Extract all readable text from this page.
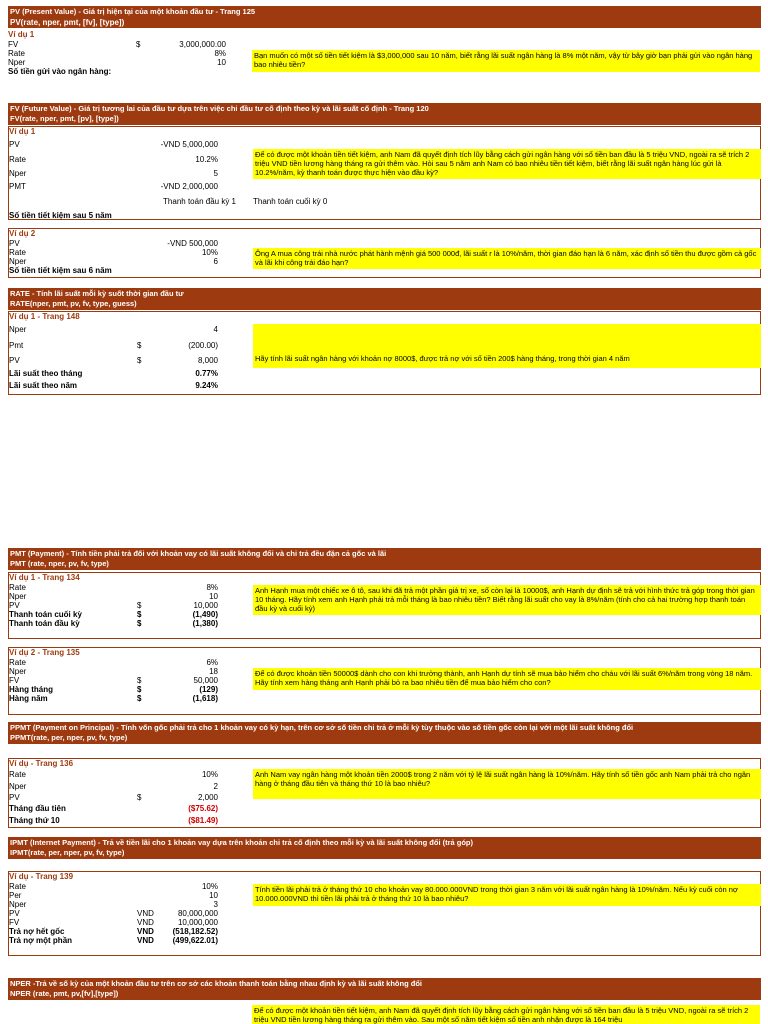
PV (Present Value) - Giá trị hiện tại của một khoản đầu tư - Trang 125
PV(rate, nper, pmt, [fv], [type])
Ví dụ 1
FV	$	3,000,000.00
Rate	8%
Nper	10
Số tiền gửi vào ngân hàng:
Bạn muốn có một số tiền tiết kiệm là $3,000,000 sau 10 năm, biết rằng lãi suất ngân hàng là 8% một năm, vậy từ bây giờ bạn phải gửi vào ngân hàng bao nhiêu tiền?
FV (Future Value) - Giá trị tương lai của đầu tư dựa trên việc chi đầu tư cố định theo kỳ và lãi suất cố định - Trang 120
FV(rate, nper, pmt, [pv], [type])
Ví dụ 1
PV	-VND 5,000,000
Rate	10.2%
Nper	5
PMT	-VND 2,000,000
Thanh toán đầu kỳ 1 Thanh toán cuối kỳ 0
Số tiền tiết kiệm sau 5 năm
Để có được một khoản tiền tiết kiệm, anh Nam đã quyết định tích lũy bằng cách gửi ngân hàng với số tiền ban đầu là 5 triệu VND, ngoài ra sẽ trích 2 triệu VND tiền lương hàng tháng ra gửi thêm vào. Hỏi sau 5 năm anh Nam có bao nhiêu tiền tiết kiệm, biết rằng lãi suất ngân hàng lúc gửi là 10.2%/năm, kỳ thanh toán được thực hiện vào đầu kỳ?
Ví dụ 2
PV	-VND 500,000
Rate	10%
Nper	6
Số tiền tiết kiệm sau 6 năm
Ông A mua công trái nhà nước phát hành mệnh giá 500 000đ, lãi suất r là 10%/năm, thời gian đáo hạn là 6 năm, xác định số tiền thu được gồm cả gốc và lãi khi công trái đáo hạn?
RATE - Tính lãi suất mỗi kỳ suốt thời gian đầu tư
RATE(nper, pmt, pv, fv, type, guess)
Ví dụ 1 - Trang 148
Nper	4
Pmt	$	(200.00)
PV	$	8,000
Lãi suất theo tháng	0.77%
Lãi suất theo năm	9.24%
Hãy tính lãi suất ngân hàng với khoản nợ 8000$, được trả nợ với số tiền 200$ hàng tháng, trong thời gian 4 năm
PMT (Payment) - Tính tiền phải trả đối với khoản vay có lãi suất không đổi và chi trả đều đặn cả gốc và lãi
PMT (rate, nper, pv, fv, type)
Ví dụ 1 - Trang 134
Rate	8%
Nper	10
PV	$	10,000
Thanh toán cuối kỳ	$	(1,490)
Thanh toán đầu kỳ	$	(1,380)
Anh Hạnh mua một chiếc xe ô tô, sau khi đã trả một phần giá trị xe, số còn lại là 10000$, anh Hạnh dự định sẽ trả với hình thức trả góp trong thời gian 10 tháng. Hãy tính xem anh Hạnh phải trả mỗi tháng là bao nhiêu tiền? Biết rằng lãi suất cho vay là 8%/năm (tính cho cả hai trường hợp thanh toán đầu kỳ và cuối kỳ)
Ví dụ 2 - Trang 135
Rate	6%
Nper	18
FV	$	50,000
Hàng tháng	$	(129)
Hàng năm	$	(1,618)
Để có được khoản tiền 50000$ dành cho con khi trưởng thành, anh Hạnh dự tính sẽ mua bảo hiểm cho cháu với lãi suất 6%/năm trong vòng 18 năm. Hãy tính xem hàng tháng anh Hạnh phải bỏ ra bao nhiêu tiền để mua bảo hiểm cho con?
PPMT (Payment on Principal) - Tính vốn gốc phải trả cho 1 khoản vay có kỳ hạn, trên cơ sở số tiền chi trả ở mỗi kỳ tùy thuộc vào số tiền gốc còn lại với một lãi suất không đổi
PPMT(rate, per, nper, pv, fv, type)
Ví dụ - Trang 136
Rate	10%
Nper	2
PV	$	2,000
Tháng đầu tiên	($75.62)
Tháng thứ 10	($81.49)
Anh Nam vay ngân hàng một khoản tiền 2000$ trong 2 năm với tỷ lệ lãi suất ngân hàng là 10%/năm. Hãy tính số tiền gốc anh Nam phải trả cho ngân hàng ở tháng đầu tiên và tháng thứ 10 là bao nhiêu?
IPMT (Internet Payment) - Trả về tiền lãi cho 1 khoản vay dựa trên khoản chi trả cố định theo mỗi kỳ và lãi suất không đổi (trả góp)
IPMT(rate, per, nper, pv, fv, type)
Ví dụ - Trang 139
Rate	10%
Per	10
Nper	3
PV	VND	80,000,000
FV	VND	10,000,000
Trả nợ hết gốc	VND (518,182.52)
Trả nợ một phần	VND (499,622.01)
Tính tiền lãi phải trả ở tháng thứ 10 cho khoản vay 80.000.000VND trong thời gian 3 năm với lãi suất ngân hàng là 10%/năm. Nếu kỳ cuối còn nợ 10.000.000VND thì tiền lãi phải trả ở tháng thứ 10 là bao nhiêu?
NPER -Trả về số kỳ của một khoản đầu tư trên cơ sở các khoản thanh toán bằng nhau định kỳ và lãi suất không đổi
NPER (rate, pmt, pv,[fv],[type])
Để có được một khoản tiền tiết kiệm, anh Nam đã quyết định tích lũy bằng cách gửi ngân hàng với số tiền ban đầu là 5 triệu VND, ngoài ra sẽ trích 2 triệu VND tiền lương hàng tháng ra gửi thêm vào. Sau một số năm tiết kiệm số tiền anh nhận được là 164 triệu
